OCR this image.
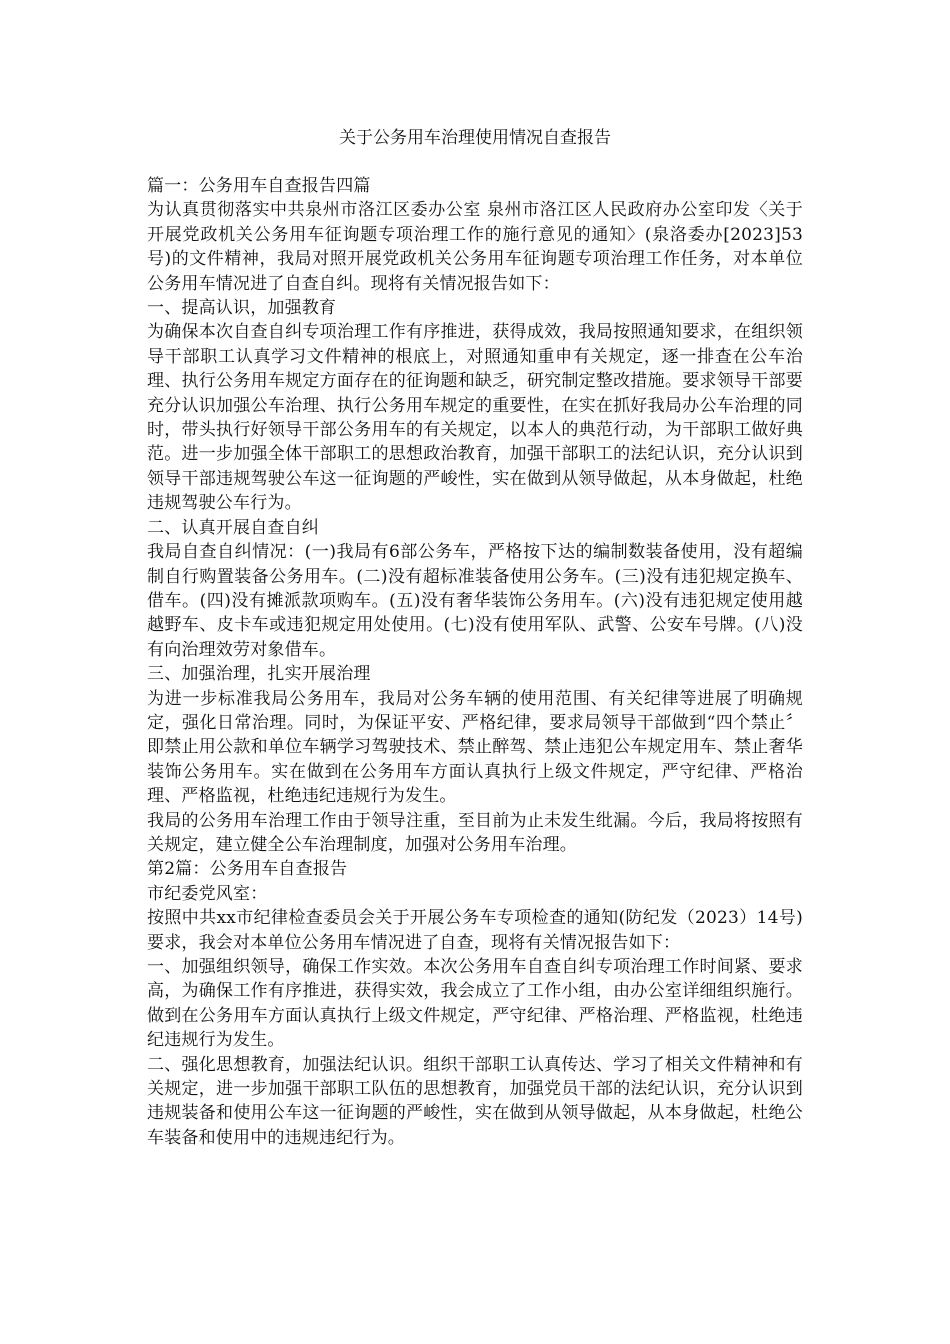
关于公务用车治理使用情况自查报告

篇一：公务用车自查报告四篇

为认真贯彻落实中共泉州市洛江区委办公室 泉州市洛江区人民政府办公室印发〈关于开展党政机关公务用车征询题专项治理工作的施行意见的通知〉(泉洛委办[2023]53号)的文件精神，我局对照开展党政机关公务用车征询题专项治理工作任务，对本单位公务用车情况进了自查自纠。现将有关情况报告如下：

一、提高认识，加强教育

为确保本次自查自纠专项治理工作有序推进，获得成效，我局按照通知要求，在组织领导干部职工认真学习文件精神的根底上，对照通知重申有关规定，逐一排查在公车治理、执行公务用车规定方面存在的征询题和缺乏，研究制定整改措施。要求领导干部要充分认识加强公车治理、执行公务用车规定的重要性，在实在抓好我局办公车治理的同时，带头执行好领导干部公务用车的有关规定，以本人的典范行动，为干部职工做好典范。进一步加强全体干部职工的思想政治教育，加强干部职工的法纪认识，充分认识到领导干部违规驾驶公车这一征询题的严峻性，实在做到从领导做起，从本身做起，杜绝违规驾驶公车行为。

二、认真开展自查自纠

我局自查自纠情况：(一)我局有6部公务车，严格按下达的编制数装备使用，没有超编制自行购置装备公务用车。(二)没有超标准装备使用公务车。(三)没有违犯规定换车、借车。(四)没有摊派款项购车。(五)没有奢华装饰公务用车。(六)没有违犯规定使用越越野车、皮卡车或违犯规定用处使用。(七)没有使用军队、武警、公安车号牌。(八)没有向治理效劳对象借车。

三、加强治理，扎实开展治理

为进一步标准我局公务用车，我局对公务车辆的使用范围、有关纪律等进展了明确规定，强化日常治理。同时，为保证平安、严格纪律，要求局领导干部做到“四个禁止〞即禁止用公款和单位车辆学习驾驶技术、禁止醉驾、禁止违犯公车规定用车、禁止奢华装饰公务用车。实在做到在公务用车方面认真执行上级文件规定，严守纪律、严格治理、严格监视，杜绝违纪违规行为发生。

我局的公务用车治理工作由于领导注重，至目前为止未发生纰漏。今后，我局将按照有关规定，建立健全公车治理制度，加强对公务用车治理。

第2篇：公务用车自查报告

市纪委党风室：

按照中共xx市纪律检查委员会关于开展公务车专项检查的通知(防纪发（2023）14号)要求，我会对本单位公务用车情况进了自查，现将有关情况报告如下：

一、加强组织领导，确保工作实效。本次公务用车自查自纠专项治理工作时间紧、要求高，为确保工作有序推进，获得实效，我会成立了工作小组，由办公室详细组织施行。做到在公务用车方面认真执行上级文件规定，严守纪律、严格治理、严格监视，杜绝违纪违规行为发生。

二、强化思想教育，加强法纪认识。组织干部职工认真传达、学习了相关文件精神和有关规定，进一步加强干部职工队伍的思想教育，加强党员干部的法纪认识，充分认识到违规装备和使用公车这一征询题的严峻性，实在做到从领导做起，从本身做起，杜绝公车装备和使用中的违规违纪行为。
